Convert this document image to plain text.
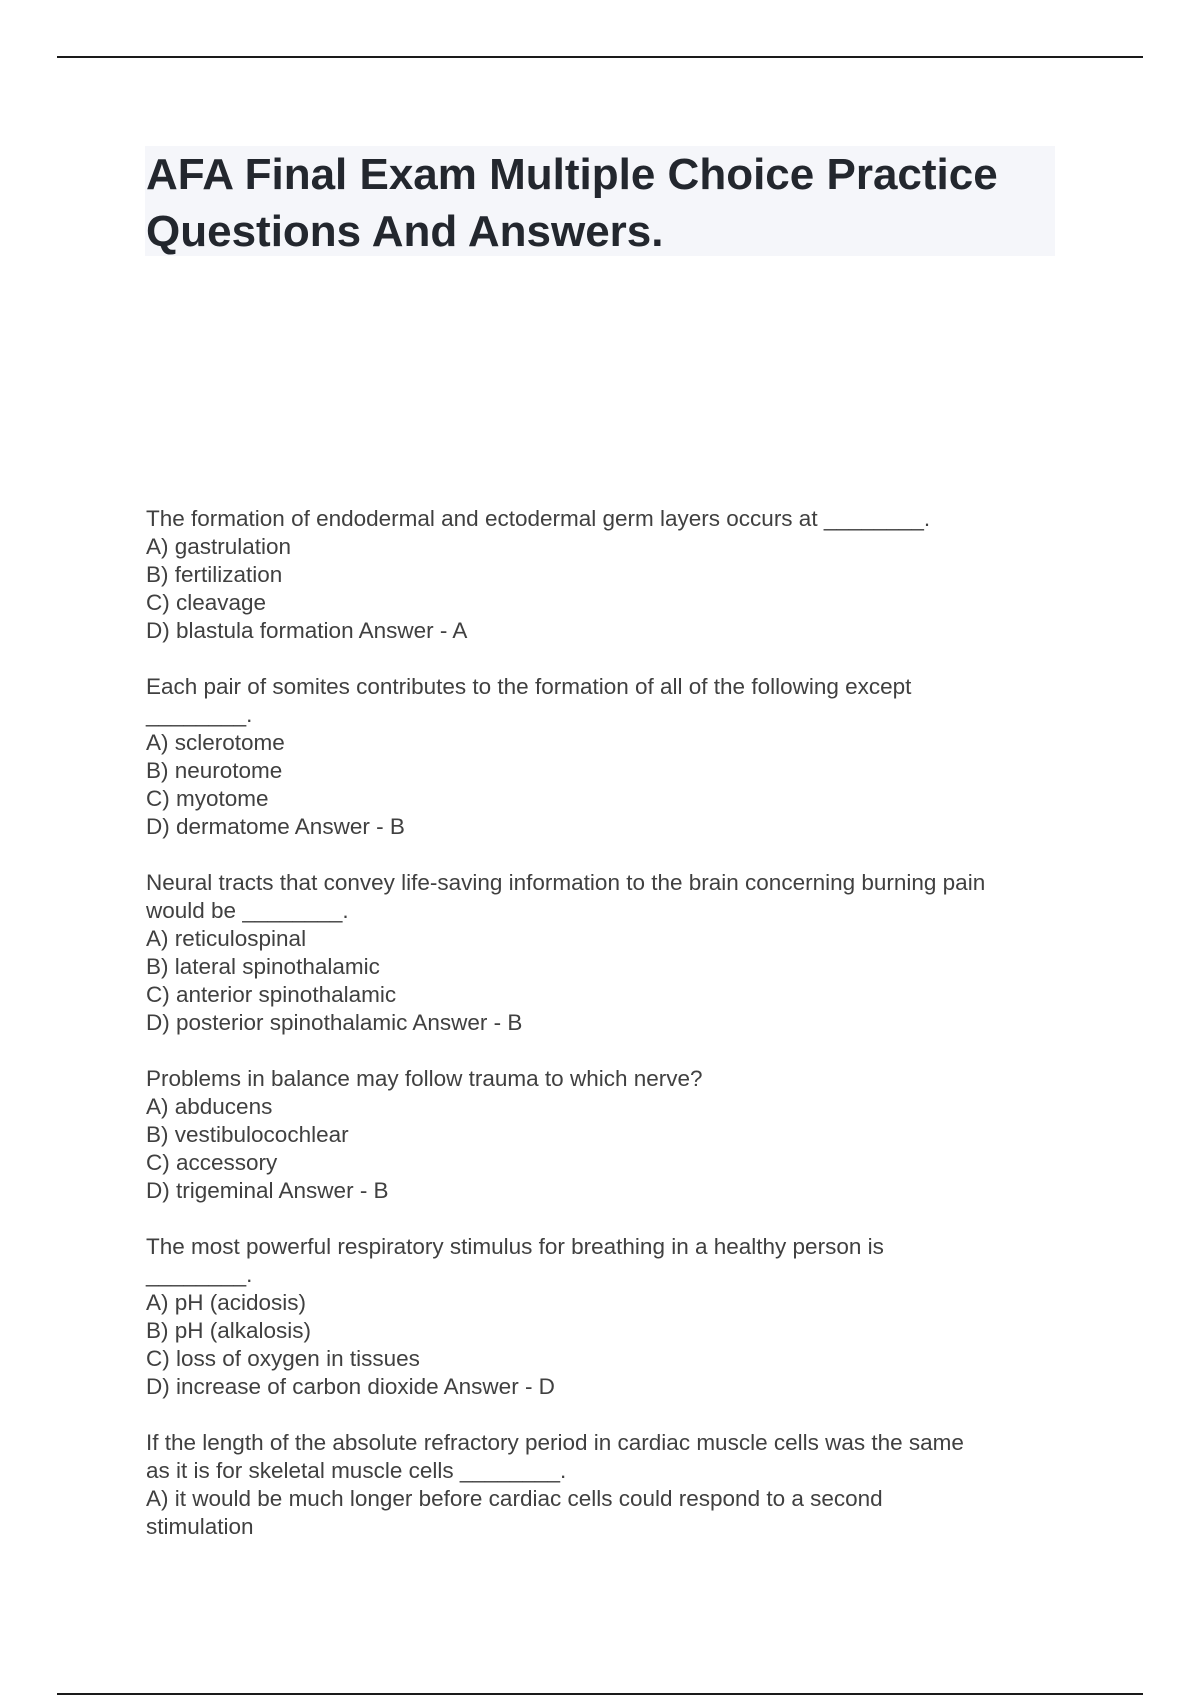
AFA Final Exam Multiple Choice Practice Questions And Answers.
The formation of endodermal and ectodermal germ layers occurs at ________.
A) gastrulation
B) fertilization
C) cleavage
D) blastula formation Answer - A
Each pair of somites contributes to the formation of all of the following except
________.
A) sclerotome
B) neurotome
C) myotome
D) dermatome Answer - B
Neural tracts that convey life-saving information to the brain concerning burning pain
would be ________.
A) reticulospinal
B) lateral spinothalamic
C) anterior spinothalamic
D) posterior spinothalamic Answer - B
Problems in balance may follow trauma to which nerve?
A) abducens
B) vestibulocochlear
C) accessory
D) trigeminal Answer - B
The most powerful respiratory stimulus for breathing in a healthy person is
________.
A) pH (acidosis)
B) pH (alkalosis)
C) loss of oxygen in tissues
D) increase of carbon dioxide Answer - D
If the length of the absolute refractory period in cardiac muscle cells was the same
as it is for skeletal muscle cells ________.
A) it would be much longer before cardiac cells could respond to a second
stimulation
